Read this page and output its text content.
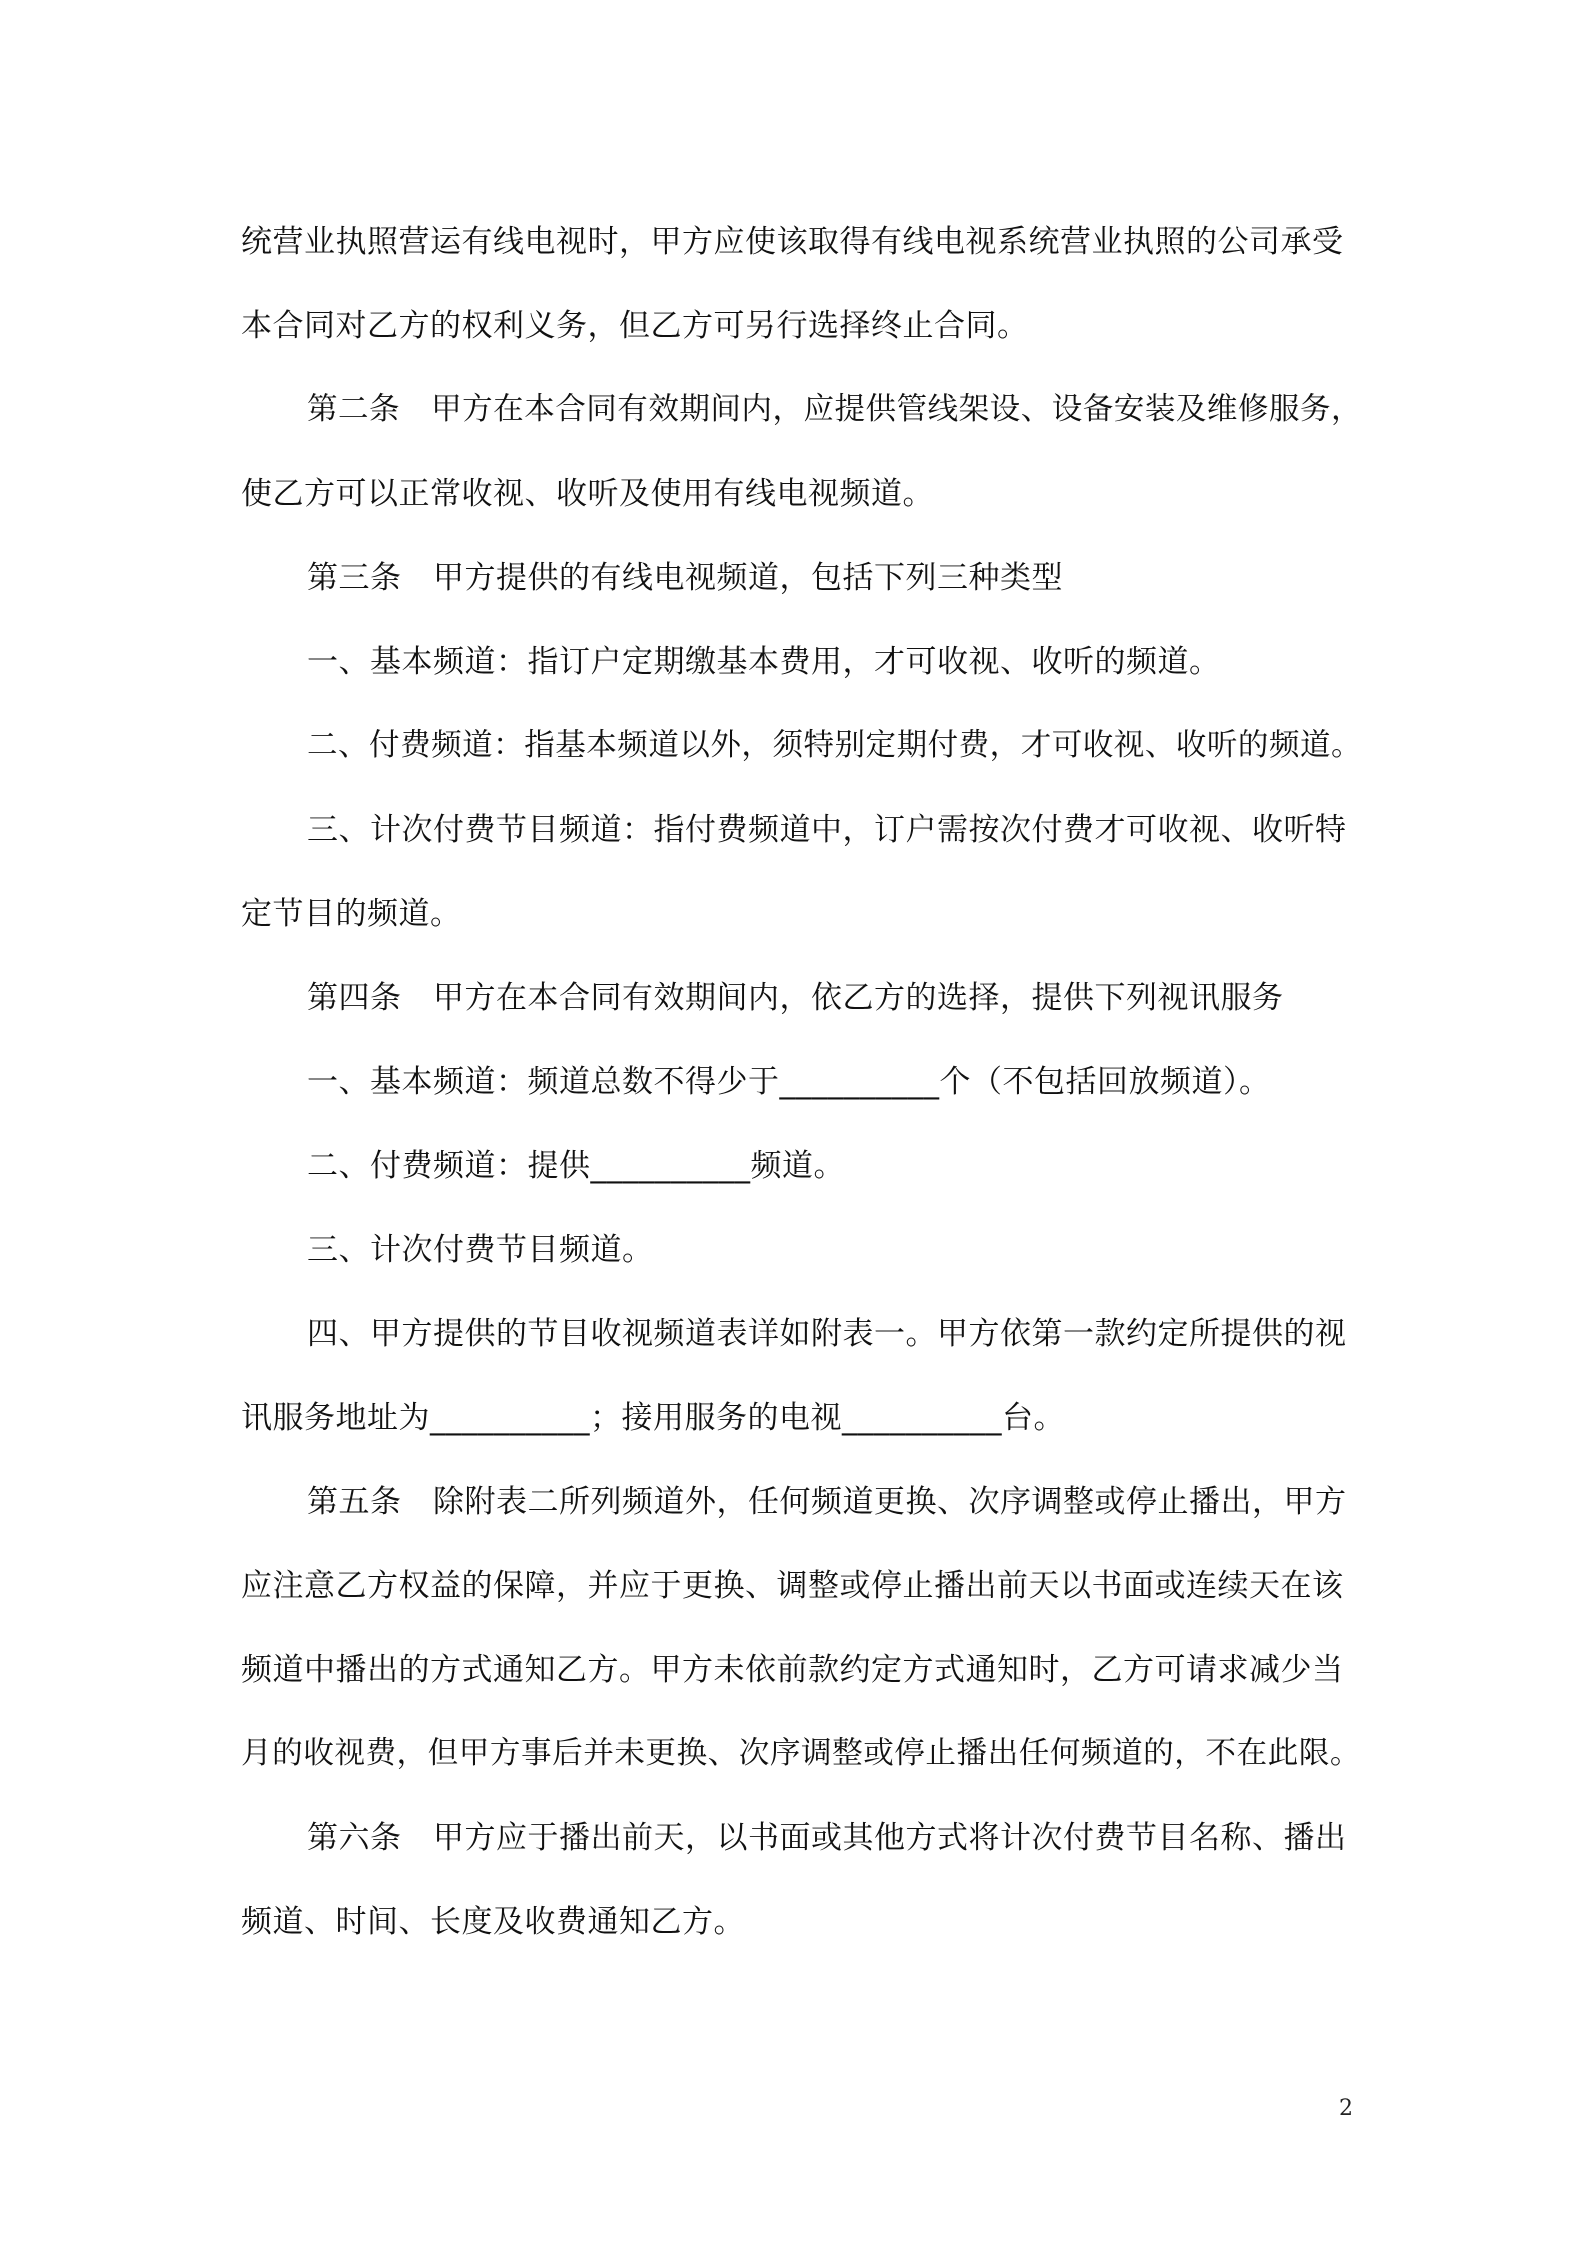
统营业执照营运有线电视时，甲方应使该取得有线电视系统营业执照的公司承受
本合同对乙方的权利义务，但乙方可另行选择终止合同。
第二条　甲方在本合同有效期间内，应提供管线架设、设备安装及维修服务，
使乙方可以正常收视、收听及使用有线电视频道。
第三条　甲方提供的有线电视频道，包括下列三种类型
一、基本频道：指订户定期缴基本费用，才可收视、收听的频道。
二、付费频道：指基本频道以外，须特别定期付费，才可收视、收听的频道。
三、计次付费节目频道：指付费频道中，订户需按次付费才可收视、收听特
定节目的频道。
第四条　甲方在本合同有效期间内，依乙方的选择，提供下列视讯服务
一、基本频道：频道总数不得少于__________个（不包括回放频道）。
二、付费频道：提供__________频道。
三、计次付费节目频道。
四、甲方提供的节目收视频道表详如附表一。甲方依第一款约定所提供的视
讯服务地址为__________；接用服务的电视__________台。
第五条　除附表二所列频道外，任何频道更换、次序调整或停止播出，甲方
应注意乙方权益的保障，并应于更换、调整或停止播出前天以书面或连续天在该
频道中播出的方式通知乙方。甲方未依前款约定方式通知时，乙方可请求减少当
月的收视费，但甲方事后并未更换、次序调整或停止播出任何频道的，不在此限。
第六条　甲方应于播出前天，以书面或其他方式将计次付费节目名称、播出
频道、时间、长度及收费通知乙方。
2
